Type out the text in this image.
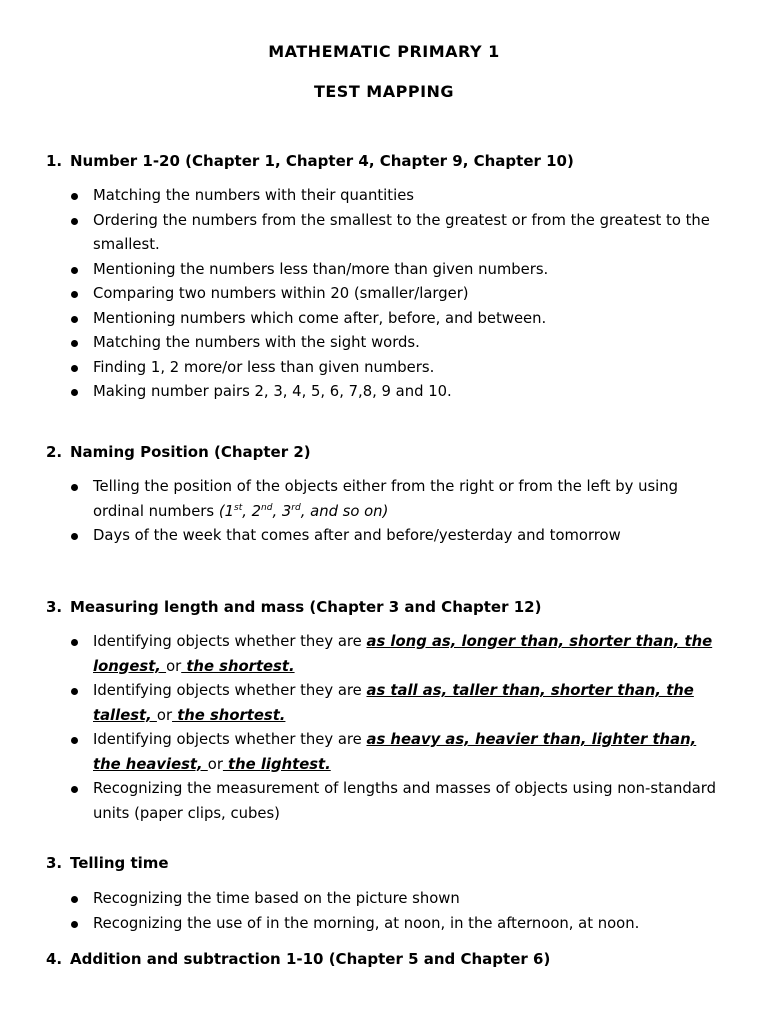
MATHEMATIC PRIMARY 1
TEST MAPPING
1. Number 1-20 (Chapter 1, Chapter 4, Chapter 9, Chapter 10)
Matching the numbers with their quantities
Ordering the numbers from the smallest to the greatest or from the greatest to the smallest.
Mentioning the numbers less than/more than given numbers.
Comparing two numbers within 20 (smaller/larger)
Mentioning numbers which come after, before, and between.
Matching the numbers with the sight words.
Finding 1, 2 more/or less than given numbers.
Making number pairs 2, 3, 4, 5, 6, 7,8, 9 and 10.
2. Naming Position (Chapter 2)
Telling the position of the objects either from the right or from the left by using ordinal numbers (1st, 2nd, 3rd, and so on)
Days of the week that comes after and before/yesterday and tomorrow
3. Measuring length and mass (Chapter 3 and Chapter 12)
Identifying objects whether they are as long as, longer than, shorter than, the longest, or the shortest.
Identifying objects whether they are as tall as, taller than, shorter than, the tallest, or the shortest.
Identifying objects whether they are as heavy as, heavier than, lighter than, the heaviest, or the lightest.
Recognizing the measurement of lengths and masses of objects using non-standard units (paper clips, cubes)
3. Telling time
Recognizing the time based on the picture shown
Recognizing the use of in the morning, at noon, in the afternoon, at noon.
4. Addition and subtraction 1-10 (Chapter 5 and Chapter 6)
